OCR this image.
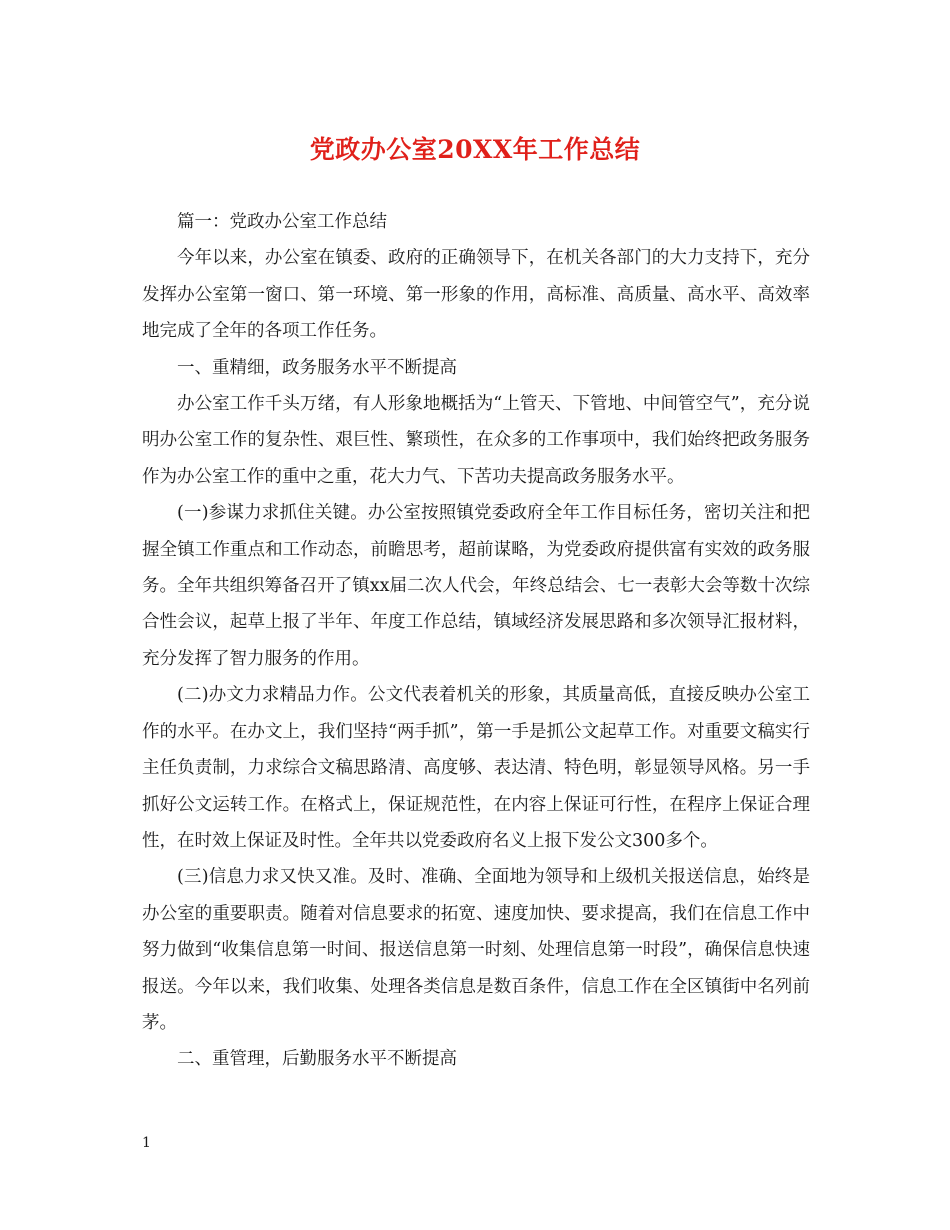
党政办公室20XX年工作总结

篇一：党政办公室工作总结

今年以来，办公室在镇委、政府的正确领导下，在机关各部门的大力支持下，充分发挥办公室第一窗口、第一环境、第一形象的作用，高标准、高质量、高水平、高效率地完成了全年的各项工作任务。

一、重精细，政务服务水平不断提高

办公室工作千头万绪，有人形象地概括为“上管天、下管地、中间管空气”，充分说明办公室工作的复杂性、艰巨性、繁琐性，在众多的工作事项中，我们始终把政务服务作为办公室工作的重中之重，花大力气、下苦功夫提高政务服务水平。

(一)参谋力求抓住关键。办公室按照镇党委政府全年工作目标任务，密切关注和把握全镇工作重点和工作动态，前瞻思考，超前谋略，为党委政府提供富有实效的政务服务。全年共组织筹备召开了镇xx届二次人代会，年终总结会、七一表彰大会等数十次综合性会议，起草上报了半年、年度工作总结，镇域经济发展思路和多次领导汇报材料，充分发挥了智力服务的作用。

(二)办文力求精品力作。公文代表着机关的形象，其质量高低，直接反映办公室工作的水平。在办文上，我们坚持“两手抓”，第一手是抓公文起草工作。对重要文稿实行主任负责制，力求综合文稿思路清、高度够、表达清、特色明，彰显领导风格。另一手抓好公文运转工作。在格式上，保证规范性，在内容上保证可行性，在程序上保证合理性，在时效上保证及时性。全年共以党委政府名义上报下发公文300多个。

(三)信息力求又快又准。及时、准确、全面地为领导和上级机关报送信息，始终是办公室的重要职责。随着对信息要求的拓宽、速度加快、要求提高，我们在信息工作中努力做到“收集信息第一时间、报送信息第一时刻、处理信息第一时段”，确保信息快速报送。今年以来，我们收集、处理各类信息是数百条件，信息工作在全区镇街中名列前茅。

二、重管理，后勤服务水平不断提高

1
